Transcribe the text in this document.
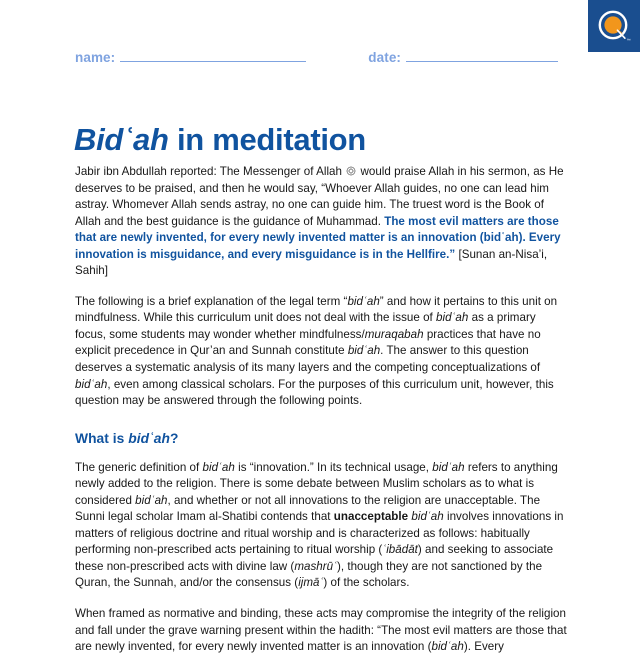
™
name:	date:
Bidʿah in meditation

Jabir ibn Abdullah reported: The Messenger of Allah  would praise Allah in his sermon, as He deserves to be praised, and then he would say, “Whoever Allah guides, no one can lead him astray. Whomever Allah sends astray, no one can guide him. The truest word is the Book of Allah and the best guidance is the guidance of Muhammad. The most evil matters are those that are newly invented, for every newly invented matter is an innovation (bidʿah). Every innovation is misguidance, and every misguidance is in the Hellfire.” [Sunan an-Nisa’i, Sahih]

The following is a brief explanation of the legal term “bidʿah” and how it pertains to this unit on mindfulness. While this curriculum unit does not deal with the issue of bidʿah as a primary focus, some students may wonder whether mindfulness/muraqabah practices that have no explicit precedence in Qur’an and Sunnah constitute bidʿah. The answer to this question deserves a systematic analysis of its many layers and the competing conceptualizations of bidʿah, even among classical scholars. For the purposes of this curriculum unit, however, this question may be answered through the following points.

What is bidʿah?

The generic definition of bidʿah is “innovation.” In its technical usage, bidʿah refers to anything newly added to the religion. There is some debate between Muslim scholars as to what is considered bidʿah, and whether or not all innovations to the religion are unacceptable. The Sunni legal scholar Imam al-Shatibi contends that unacceptable bidʿah involves innovations in matters of religious doctrine and ritual worship and is characterized as follows: habitually performing non-prescribed acts pertaining to ritual worship (ʿibādāt) and seeking to associate these non-prescribed acts with divine law (mashrūʿ), though they are not sanctioned by the Quran, the Sunnah, and/or the consensus (ijmāʿ) of the scholars.

When framed as normative and binding, these acts may compromise the integrity of the religion and fall under the grave warning present within the hadith: “The most evil matters are those that are newly invented, for every newly invented matter is an innovation (bidʿah). Every
